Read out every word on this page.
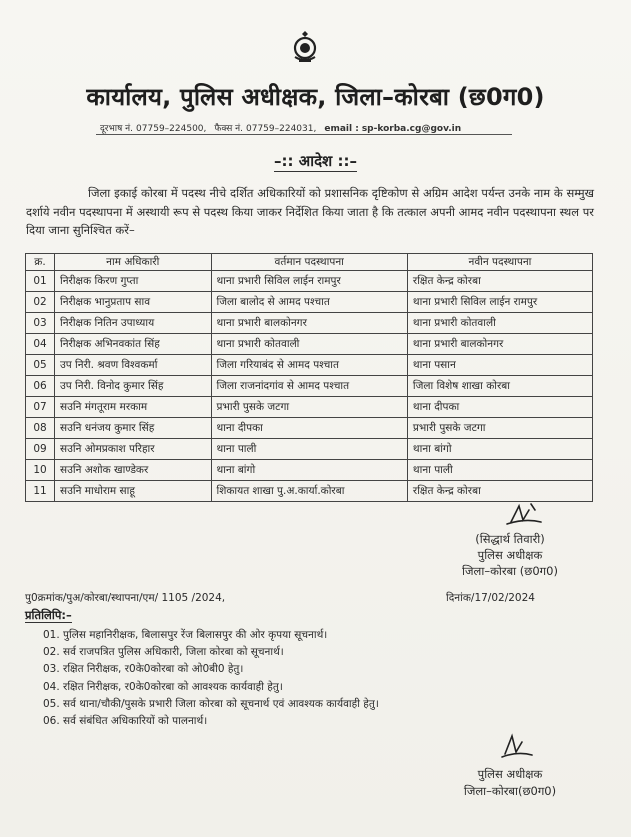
कार्यालय, पुलिस अधीक्षक, जिला–कोरबा (छ0ग0)
दूरभाष नं. 07759–224500, फैक्स नं. 07759–224031, email : sp-korba.cg@gov.in
–:: आदेश ::–
जिला इकाई कोरबा में पदस्थ नीचे दर्शित अधिकारियों को प्रशासनिक दृष्टिकोण से अग्रिम आदेश पर्यन्त उनके नाम के सम्मुख दर्शाये नवीन पदस्थापना में अस्थायी रूप से पदस्थ किया जाकर निर्देशित किया जाता है कि तत्काल अपनी आमद नवीन पदस्थापना स्थल पर दिया जाना सुनिश्चित करें–
क्र.	नाम अधिकारी	वर्तमान पदस्थापना	नवीन पदस्थापना
01	निरीक्षक किरण गुप्ता	थाना प्रभारी सिविल लाईन रामपुर	रक्षित केन्द्र कोरबा
02	निरीक्षक भानुप्रताप साव	जिला बालोद से आमद पश्चात	थाना प्रभारी सिविल लाईन रामपुर
03	निरीक्षक नितिन उपाध्याय	थाना प्रभारी बालकोनगर	थाना प्रभारी कोतवाली
04	निरीक्षक अभिनवकांत सिंह	थाना प्रभारी कोतवाली	थाना प्रभारी बालकोनगर
05	उप निरी. श्रवण विश्वकर्मा	जिला गरियाबंद से आमद पश्चात	थाना पसान
06	उप निरी. विनोद कुमार सिंह	जिला राजनांदगांव से आमद पश्चात	जिला विशेष शाखा कोरबा
07	सउनि मंगतूराम मरकाम	प्रभारी पुसके जटगा	थाना दीपका
08	सउनि धनंजय कुमार सिंह	थाना दीपका	प्रभारी पुसके जटगा
09	सउनि ओमप्रकाश परिहार	थाना पाली	थाना बांगो
10	सउनि अशोक खाण्डेकर	थाना बांगो	थाना पाली
11	सउनि माधोराम साहू	शिकायत शाखा पु.अ.कार्या.कोरबा	रक्षित केन्द्र कोरबा
(सिद्धार्थ तिवारी)
पुलिस अधीक्षक
जिला–कोरबा (छ0ग0)
पु0क्रमांक/पुअ/कोरबा/स्थापना/एम/ 1105 /2024,	दिनांक/17/02/2024
प्रतिलिपि:–
01. पुलिस महानिरीक्षक, बिलासपुर रेंज बिलासपुर की ओर कृपया सूचनार्थ।
02. सर्व राजपत्रित पुलिस अधिकारी, जिला कोरबा को सूचनार्थ।
03. रक्षित निरीक्षक, र0के0कोरबा को ओ0बी0 हेतु।
04. रक्षित निरीक्षक, र0के0कोरबा को आवश्यक कार्यवाही हेतु।
05. सर्व थाना/चौकी/पुसके प्रभारी जिला कोरबा को सूचनार्थ एवं आवश्यक कार्यवाही हेतु।
06. सर्व संबंधित अधिकारियों को पालनार्थ।
पुलिस अधीक्षक
जिला–कोरबा(छ0ग0)
